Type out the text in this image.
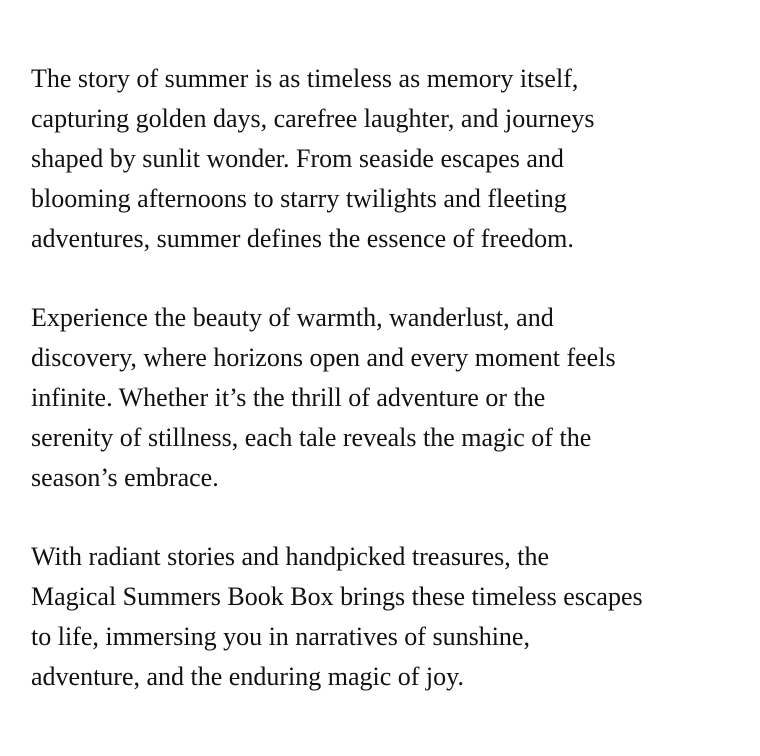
The story of summer is as timeless as memory itself,
capturing golden days, carefree laughter, and journeys
shaped by sunlit wonder. From seaside escapes and
blooming afternoons to starry twilights and fleeting
adventures, summer defines the essence of freedom.

Experience the beauty of warmth, wanderlust, and
discovery, where horizons open and every moment feels
infinite. Whether it’s the thrill of adventure or the
serenity of stillness, each tale reveals the magic of the
season’s embrace.

With radiant stories and handpicked treasures, the
Magical Summers Book Box brings these timeless escapes
to life, immersing you in narratives of sunshine,
adventure, and the enduring magic of joy.
